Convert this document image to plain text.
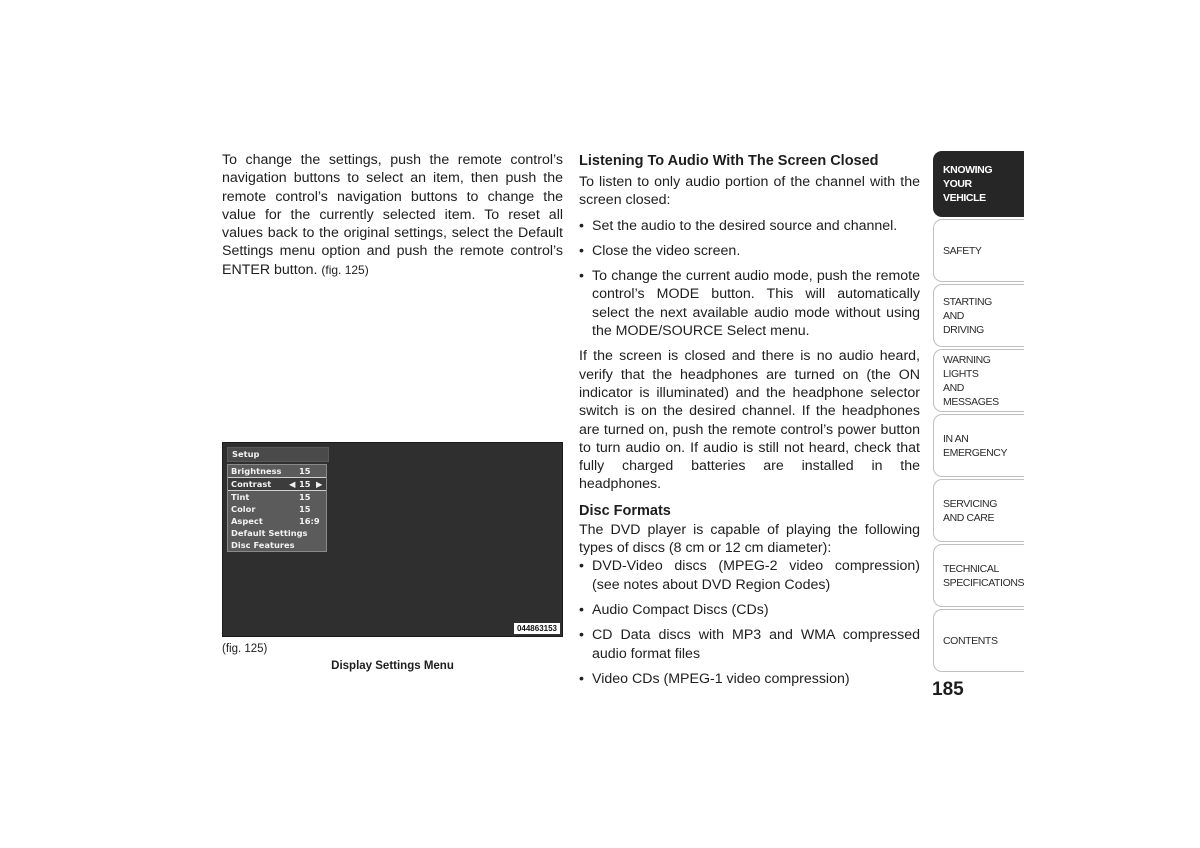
To change the settings, push the remote control’s navigation buttons to select an item, then push the remote control’s navigation buttons to change the value for the currently selected item. To reset all values back to the original settings, select the Default Settings menu option and push the remote control’s ENTER button. (fig. 125)
Setup
Brightness 15
Contrast ◀ 15 ▶
Tint	15
Color	15
Aspect	16:9
Default Settings
Disc Features
044863153
(fig. 125)
Display Settings Menu
Listening To Audio With The Screen Closed

To listen to only audio portion of the channel with the screen closed:

• Set the audio to the desired source and channel.
• Close the video screen.
• To change the current audio mode, push the remote control’s MODE button. This will automatically select the next available audio mode without using the MODE/SOURCE Select menu.

If the screen is closed and there is no audio heard, verify that the headphones are turned on (the ON indicator is illuminated) and the headphone selector switch is on the desired channel. If the headphones are turned on, push the remote control’s power button to turn audio on. If audio is still not heard, check that fully charged batteries are installed in the headphones.

Disc Formats

The DVD player is capable of playing the following types of discs (8 cm or 12 cm diameter):

• DVD-Video discs (MPEG-2 video compression) (see notes about DVD Region Codes)
• Audio Compact Discs (CDs)
• CD Data discs with MP3 and WMA compressed audio format files
• Video CDs (MPEG-1 video compression)
KNOWING
YOUR
VEHICLE
SAFETY
STARTING
AND
DRIVING
WARNING
LIGHTS
AND
MESSAGES
IN AN
EMERGENCY
SERVICING
AND CARE
TECHNICAL
SPECIFICATIONS
CONTENTS
185
